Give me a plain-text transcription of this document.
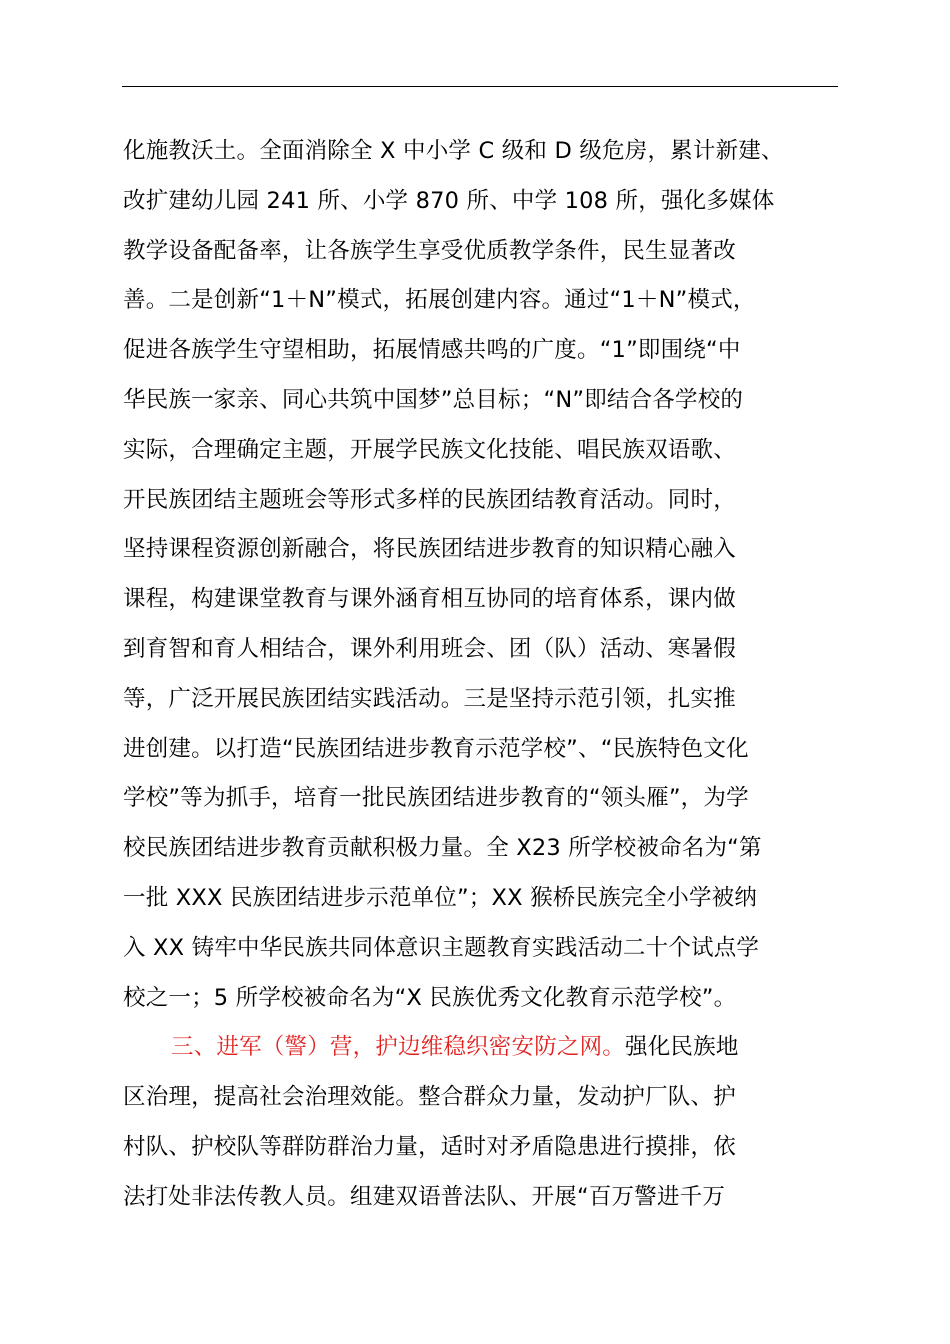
化施教沃土。全面消除全 X 中小学 C 级和 D 级危房，累计新建、
改扩建幼儿园 241 所、小学 870 所、中学 108 所，强化多媒体
教学设备配备率，让各族学生享受优质教学条件，民生显著改
善。二是创新“1＋N”模式，拓展创建内容。通过“1＋N”模式，
促进各族学生守望相助，拓展情感共鸣的广度。“1”即围绕“中
华民族一家亲、同心共筑中国梦”总目标；“N”即结合各学校的
实际，合理确定主题，开展学民族文化技能、唱民族双语歌、
开民族团结主题班会等形式多样的民族团结教育活动。同时，
坚持课程资源创新融合，将民族团结进步教育的知识精心融入
课程，构建课堂教育与课外涵育相互协同的培育体系，课内做
到育智和育人相结合，课外利用班会、团（队）活动、寒暑假
等，广泛开展民族团结实践活动。三是坚持示范引领，扎实推
进创建。以打造“民族团结进步教育示范学校”、“民族特色文化
学校”等为抓手，培育一批民族团结进步教育的“领头雁”，为学
校民族团结进步教育贡献积极力量。全 X23 所学校被命名为“第
一批 XXX 民族团结进步示范单位”；XX 猴桥民族完全小学被纳
入 XX 铸牢中华民族共同体意识主题教育实践活动二十个试点学
校之一；5 所学校被命名为“X 民族优秀文化教育示范学校”。
三、进军（警）营，护边维稳织密安防之网。强化民族地
区治理，提高社会治理效能。整合群众力量，发动护厂队、护
村队、护校队等群防群治力量，适时对矛盾隐患进行摸排，依
法打处非法传教人员。组建双语普法队、开展“百万警进千万
